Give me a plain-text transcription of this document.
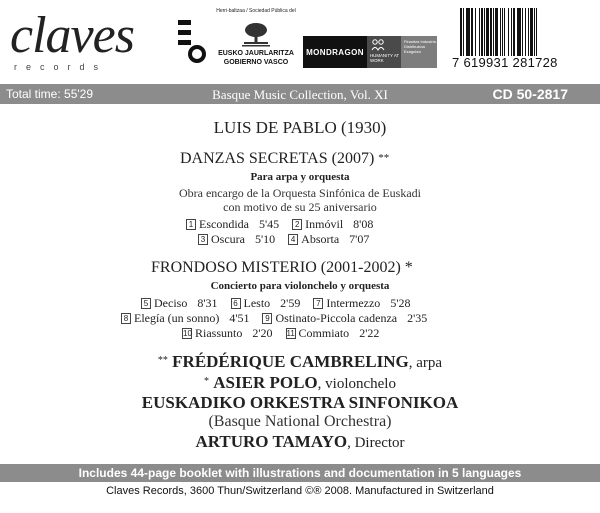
claves
records
Herri-baltzaa / Sociedad Pública del
EUSKO JAURLARITZA
GOBIERNO VASCO
MONDRAGON	HUMANITY AT WORK
Finantza Industria Distribuzioa Ezagutza
7 619931 281728
Total time: 55'29	Basque Music Collection, Vol. XI	CD 50-2817
LUIS DE PABLO (1930)
DANZAS SECRETAS (2007) **
Para arpa y orquesta
Obra encargo de la Orquesta Sinfónica de Euskadi
con motivo de su 25 aniversario
1 Escondida 5'45 2 Inmóvil 8'08
3 Oscura 5'10 4 Absorta 7'07
FRONDOSO MISTERIO (2001-2002) *
Concierto para violonchelo y orquesta
5 Deciso 8'31 6 Lesto 2'59 7 Intermezzo 5'28
8 Elegía (un sonno) 4'51 9 Ostinato-Piccola cadenza 2'35
10 Riassunto 2'20 11 Commiato 2'22
** FRÉDÉRIQUE CAMBRELING, arpa
* ASIER POLO, violonchelo
EUSKADIKO ORKESTRA SINFONIKOA
(Basque National Orchestra)
ARTURO TAMAYO, Director
Includes 44-page booklet with illustrations and documentation in 5 languages
Claves Records, 3600 Thun/Switzerland ©® 2008. Manufactured in Switzerland
